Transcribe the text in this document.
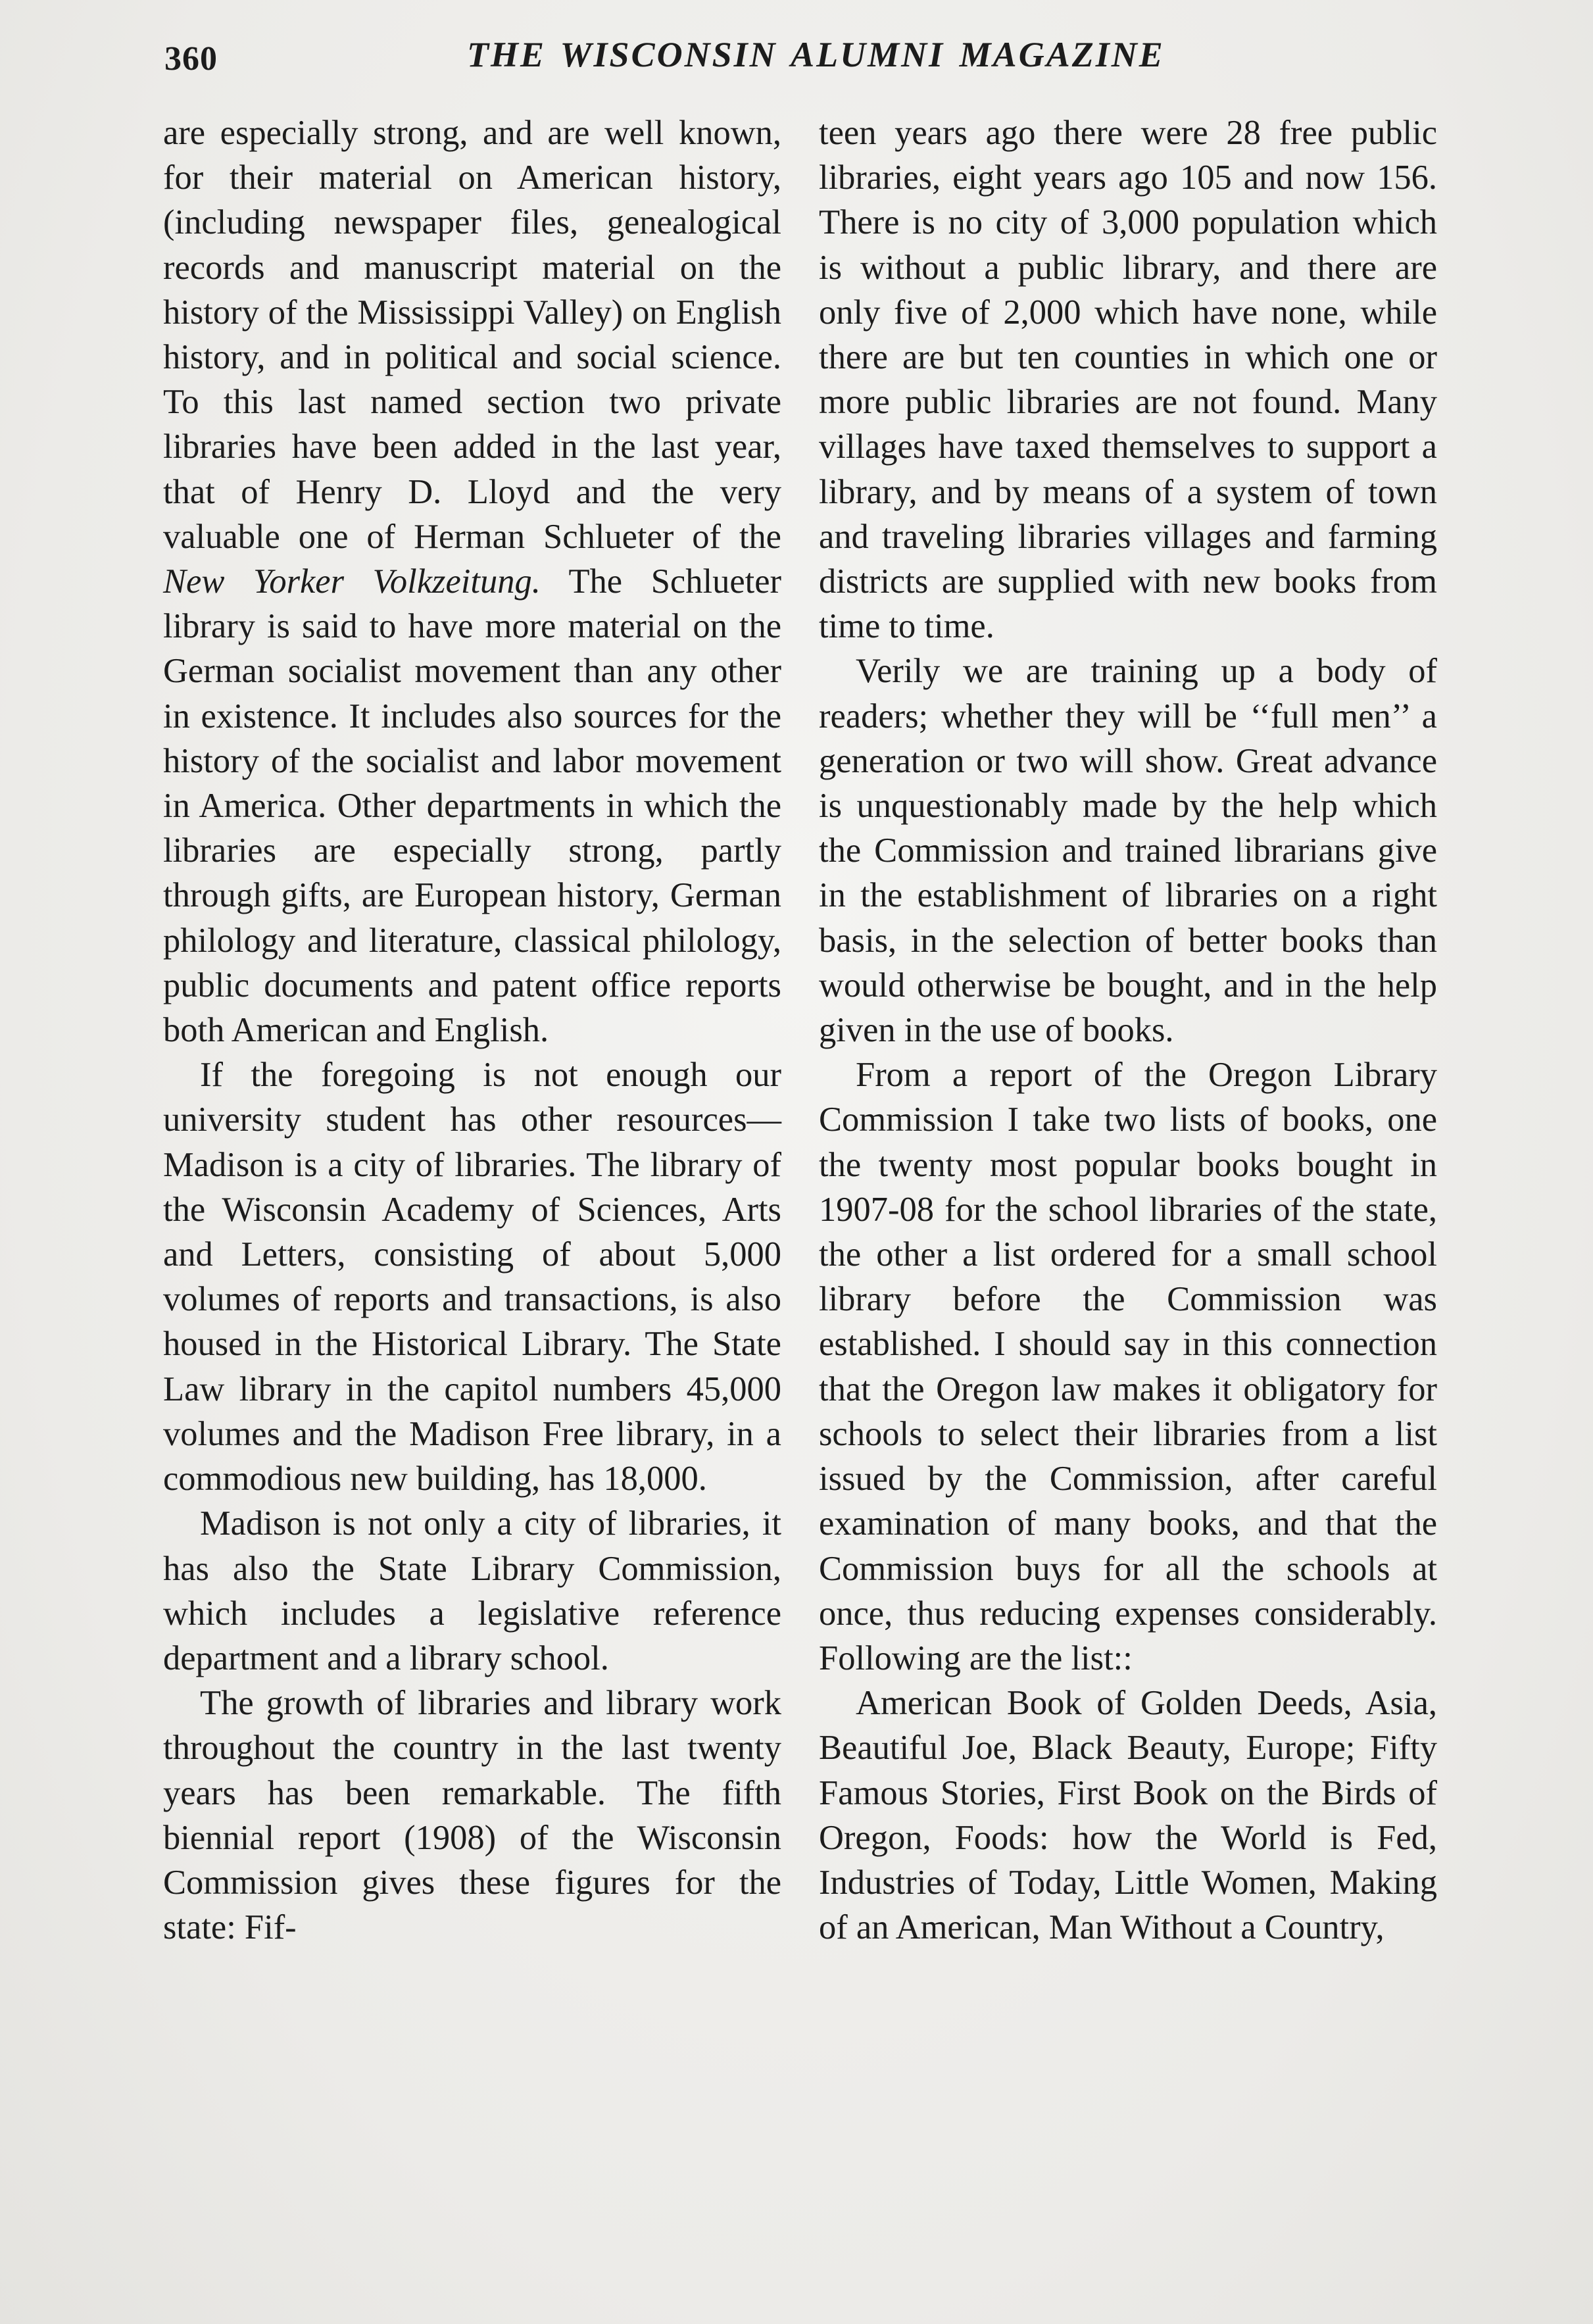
360	THE WISCONSIN ALUMNI MAGAZINE

are especially strong, and are well known, for their material on American history, (including newspaper files, genealogical records and manuscript material on the history of the Mississippi Valley) on English history, and in political and social science. To this last named section two private libraries have been added in the last year, that of Henry D. Lloyd and the very valuable one of Herman Schlueter of the New Yorker Volkzeitung. The Schlueter library is said to have more material on the German socialist movement than any other in existence. It includes also sources for the history of the socialist and labor movement in America. Other departments in which the libraries are especially strong, partly through gifts, are European history, German philology and literature, classical philology, public documents and patent office reports both American and English.

If the foregoing is not enough our university student has other resources—Madison is a city of libraries. The library of the Wisconsin Academy of Sciences, Arts and Letters, consisting of about 5,000 volumes of reports and transactions, is also housed in the Historical Library. The State Law library in the capitol numbers 45,000 volumes and the Madison Free library, in a commodious new building, has 18,000.

Madison is not only a city of libraries, it has also the State Library Commission, which includes a legislative reference department and a library school.

The growth of libraries and library work throughout the country in the last twenty years has been remarkable. The fifth biennial report (1908) of the Wisconsin Commission gives these figures for the state: Fif-

teen years ago there were 28 free public libraries, eight years ago 105 and now 156. There is no city of 3,000 population which is without a public library, and there are only five of 2,000 which have none, while there are but ten counties in which one or more public libraries are not found. Many villages have taxed themselves to support a library, and by means of a system of town and traveling libraries villages and farming districts are supplied with new books from time to time.

Verily we are training up a body of readers; whether they will be ‘‘full men’’ a generation or two will show. Great advance is unquestionably made by the help which the Commission and trained librarians give in the establishment of libraries on a right basis, in the selection of better books than would otherwise be bought, and in the help given in the use of books.

From a report of the Oregon Library Commission I take two lists of books, one the twenty most popular books bought in 1907-08 for the school libraries of the state, the other a list ordered for a small school library before the Commission was established. I should say in this connection that the Oregon law makes it obligatory for schools to select their libraries from a list issued by the Commission, after careful examination of many books, and that the Commission buys for all the schools at once, thus reducing expenses considerably. Following are the list::

American Book of Golden Deeds, Asia, Beautiful Joe, Black Beauty, Europe; Fifty Famous Stories, First Book on the Birds of Oregon, Foods: how the World is Fed, Industries of Today, Little Women, Making of an American, Man Without a Country,
